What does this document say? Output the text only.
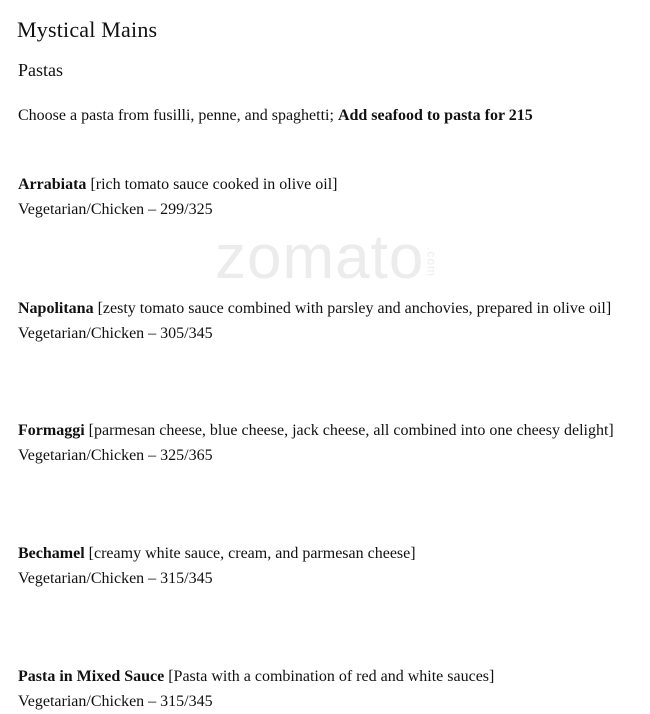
zomato.com
Mystical Mains
Pastas
Choose a pasta from fusilli, penne, and spaghetti; Add seafood to pasta for 215
Arrabiata [rich tomato sauce cooked in olive oil]
Vegetarian/Chicken – 299/325
Napolitana [zesty tomato sauce combined with parsley and anchovies, prepared in olive oil]
Vegetarian/Chicken – 305/345
Formaggi [parmesan cheese, blue cheese, jack cheese, all combined into one cheesy delight]
Vegetarian/Chicken – 325/365
Bechamel [creamy white sauce, cream, and parmesan cheese]
Vegetarian/Chicken – 315/345
Pasta in Mixed Sauce [Pasta with a combination of red and white sauces]
Vegetarian/Chicken – 315/345
